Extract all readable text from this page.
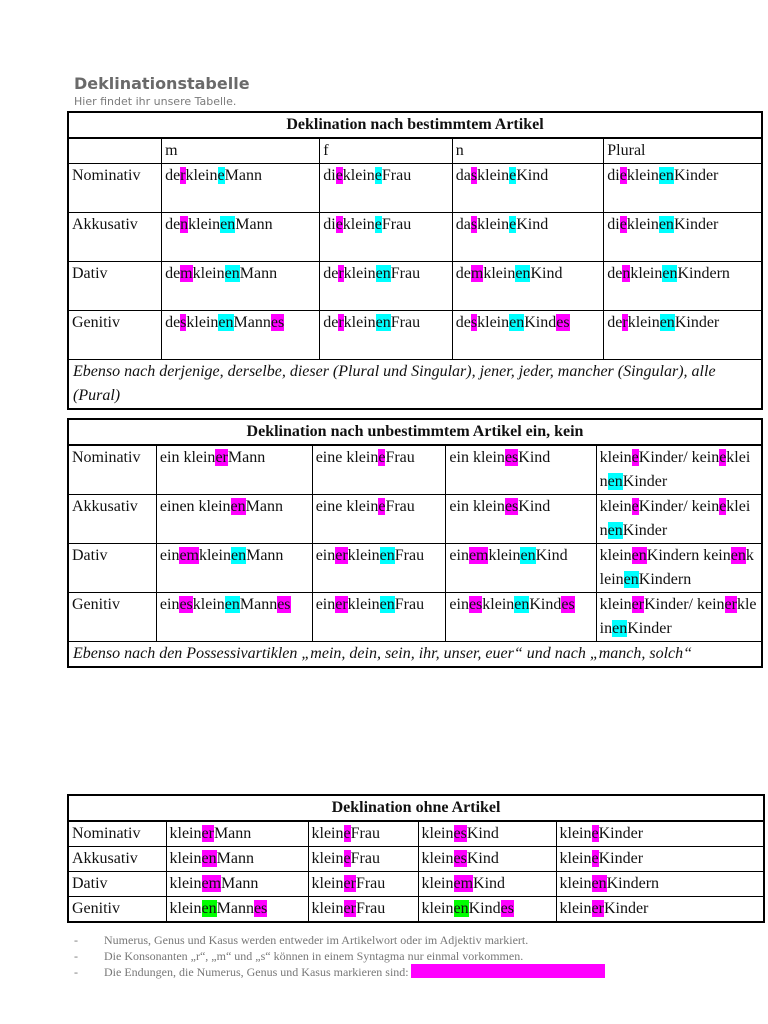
Deklinationstabelle
Hier findet ihr unsere Tabelle.
Deklination nach bestimmtem Artikel				
	m	f	n	Plural
Nominativ	derkleineMann	diekleineFrau	daskleineKind	diekleinenKinder
Akkusativ	denkleinenMann	diekleineFrau	daskleineKind	diekleinenKinder
Dativ	demkleinenMann	derkleinenFrau	demkleinenKind	denkleinenKindern
Genitiv	deskleinenMannes	derkleinenFrau	deskleinenKindes	derkleinenKinder
Ebenso nach derjenige, derselbe, dieser (Plural und Singular), jener, jeder, mancher (Singular), alle (Pural)				
Deklination nach unbestimmtem Artikel ein, kein				
Nominativ	ein kleinerMann	eine kleineFrau	ein kleinesKind	kleineKinder/ keinekleinenKinder
Akkusativ	einen kleinenMann	eine kleineFrau	ein kleinesKind	kleineKinder/ keinekleinenKinder
Dativ	einemkleinenMann	einerkleinenFrau	einemkleinenKind	kleinenKindern keinenkleinenKindern
Genitiv	eineskleinenMannes	einerkleinenFrau	eineskleinenKindes	kleinerKinder/ keinerkleinenKinder
Ebenso nach den Possessivartiklen „mein, dein, sein, ihr, unser, euer“ und nach „manch, solch“				
Deklination ohne Artikel				
Nominativ	kleinerMann	kleineFrau	kleinesKind	kleineKinder
Akkusativ	kleinenMann	kleineFrau	kleinesKind	kleineKinder
Dativ	kleinemMann	kleinerFrau	kleinemKind	kleinenKindern
Genitiv	kleinenMannes	kleinerFrau	kleinenKindes	kleinerKinder
-	Numerus, Genus und Kasus werden entweder im Artikelwort oder im Adjektiv markiert.
-	Die Konsonanten „r“, „m“ und „s“ können in einem Syntagma nur einmal vorkommen.
-	Die Endungen, die Numerus, Genus und Kasus markieren sind:
